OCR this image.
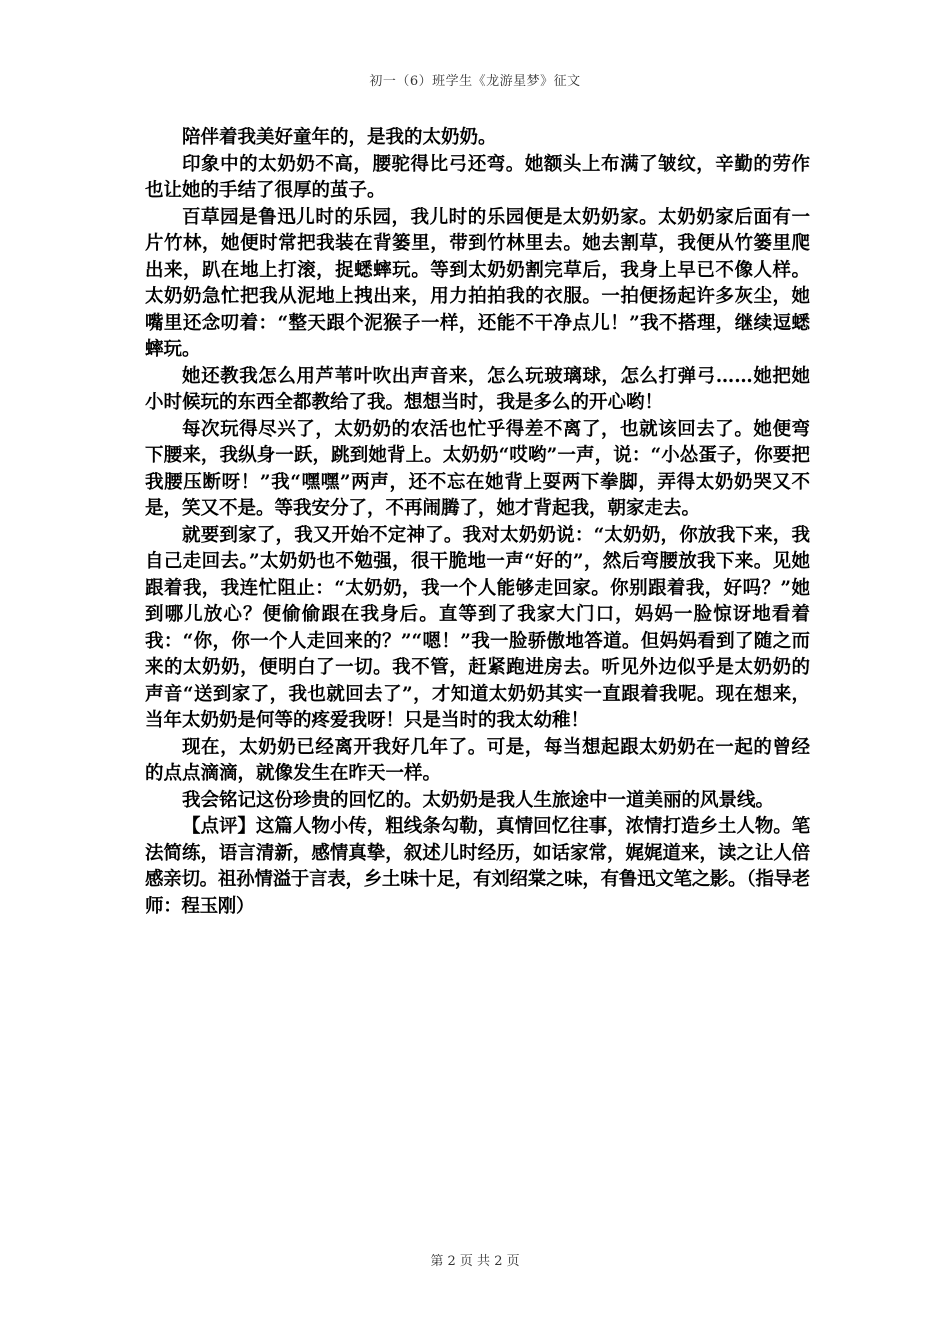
初一（6）班学生《龙游星梦》征文

陪伴着我美好童年的，是我的太奶奶。

印象中的太奶奶不高，腰驼得比弓还弯。她额头上布满了皱纹，辛勤的劳作也让她的手结了很厚的茧子。

百草园是鲁迅儿时的乐园，我儿时的乐园便是太奶奶家。太奶奶家后面有一片竹林，她便时常把我装在背篓里，带到竹林里去。她去割草，我便从竹篓里爬出来，趴在地上打滚，捉蟋蟀玩。等到太奶奶割完草后，我身上早已不像人样。太奶奶急忙把我从泥地上拽出来，用力拍拍我的衣服。一拍便扬起许多灰尘，她嘴里还念叨着：“整天跟个泥猴子一样，还能不干净点儿！”我不搭理，继续逗蟋蟀玩。

她还教我怎么用芦苇叶吹出声音来，怎么玩玻璃球，怎么打弹弓……她把她小时候玩的东西全都教给了我。想想当时，我是多么的开心哟！

每次玩得尽兴了，太奶奶的农活也忙乎得差不离了，也就该回去了。她便弯下腰来，我纵身一跃，跳到她背上。太奶奶“哎哟”一声，说：“小怂蛋子，你要把我腰压断呀！”我“嘿嘿”两声，还不忘在她背上耍两下拳脚，弄得太奶奶哭又不是，笑又不是。等我安分了，不再闹腾了，她才背起我，朝家走去。

就要到家了，我又开始不定神了。我对太奶奶说：“太奶奶，你放我下来，我自己走回去。”太奶奶也不勉强，很干脆地一声“好的”，然后弯腰放我下来。见她跟着我，我连忙阻止：“太奶奶，我一个人能够走回家。你别跟着我，好吗？”她到哪儿放心？便偷偷跟在我身后。直等到了我家大门口，妈妈一脸惊讶地看着我：“你，你一个人走回来的？”“嗯！”我一脸骄傲地答道。但妈妈看到了随之而来的太奶奶，便明白了一切。我不管，赶紧跑进房去。听见外边似乎是太奶奶的声音“送到家了，我也就回去了”，才知道太奶奶其实一直跟着我呢。现在想来，当年太奶奶是何等的疼爱我呀！只是当时的我太幼稚！

现在，太奶奶已经离开我好几年了。可是，每当想起跟太奶奶在一起的曾经的点点滴滴，就像发生在昨天一样。

我会铭记这份珍贵的回忆的。太奶奶是我人生旅途中一道美丽的风景线。

【点评】这篇人物小传，粗线条勾勒，真情回忆往事，浓情打造乡土人物。笔法简练，语言清新，感情真挚，叙述儿时经历，如话家常，娓娓道来，读之让人倍感亲切。祖孙情溢于言表，乡土味十足，有刘绍棠之味，有鲁迅文笔之影。（指导老师：程玉刚）

第 2 页 共 2 页
